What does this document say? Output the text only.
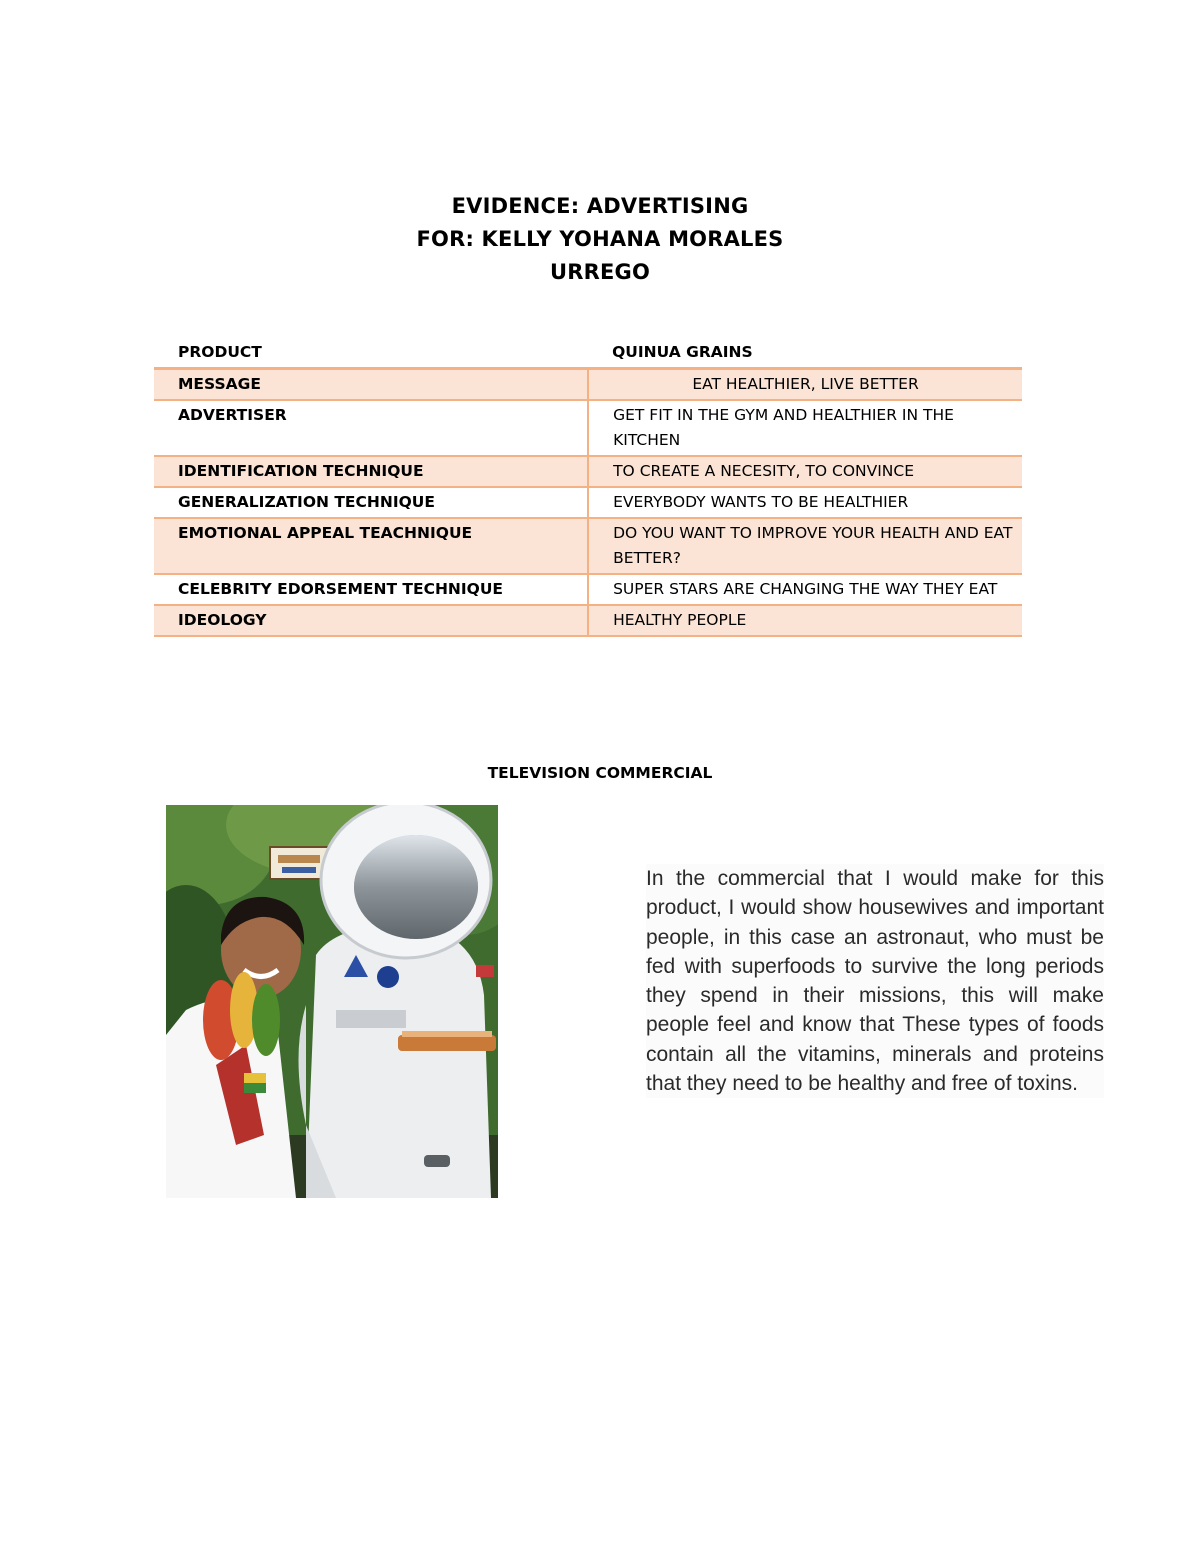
EVIDENCE: ADVERTISING
FOR: KELLY YOHANA MORALES
URREGO
PRODUCT	QUINUA GRAINS
MESSAGE	EAT HEALTHIER, LIVE BETTER
ADVERTISER	GET FIT IN THE GYM AND HEALTHIER IN THE KITCHEN
IDENTIFICATION TECHNIQUE	TO CREATE A NECESITY, TO CONVINCE
GENERALIZATION TECHNIQUE	EVERYBODY WANTS TO BE HEALTHIER
EMOTIONAL APPEAL TEACHNIQUE	DO YOU WANT TO IMPROVE YOUR HEALTH AND EAT BETTER?
CELEBRITY EDORSEMENT TECHNIQUE	SUPER STARS ARE CHANGING THE WAY THEY EAT
IDEOLOGY	HEALTHY PEOPLE
TELEVISION COMMERCIAL
In the commercial that I would make for this product, I would show housewives and important people, in this case an astronaut, who must be fed with superfoods to survive the long periods they spend in their missions, this will make people feel and know that These types of foods contain all the vitamins, minerals and proteins that they need to be healthy and free of toxins.
